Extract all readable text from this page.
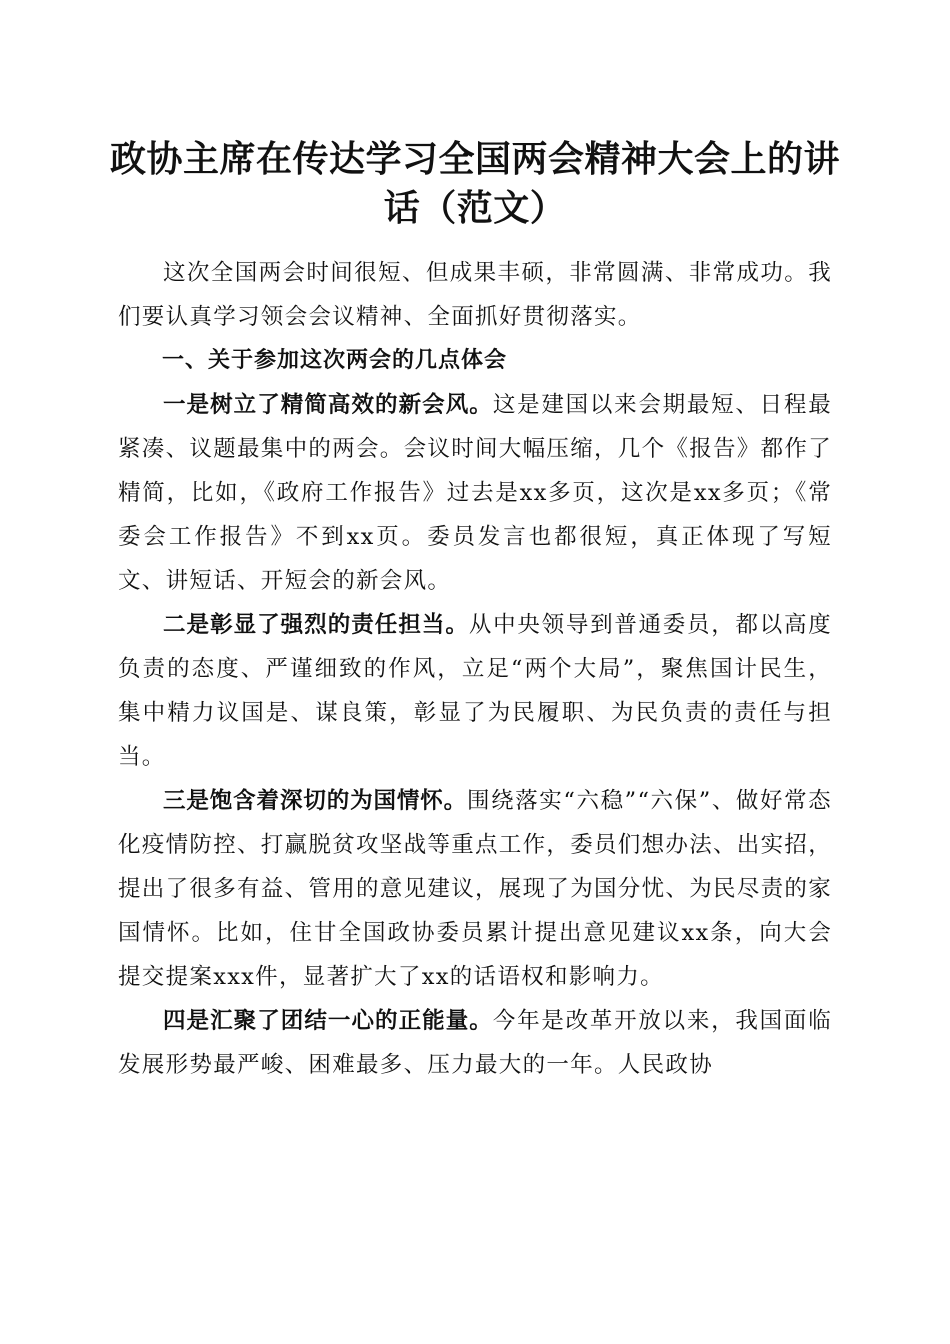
政协主席在传达学习全国两会精神大会上的讲
话（范文）

这次全国两会时间很短、但成果丰硕，非常圆满、非常成功。我们要认真学习领会会议精神、全面抓好贯彻落实。

一、关于参加这次两会的几点体会

一是树立了精简高效的新会风。这是建国以来会期最短、日程最紧凑、议题最集中的两会。会议时间大幅压缩，几个《报告》都作了精简，比如，《政府工作报告》过去是xx多页，这次是xx多页；《常委会工作报告》不到xx页。委员发言也都很短，真正体现了写短文、讲短话、开短会的新会风。

二是彰显了强烈的责任担当。从中央领导到普通委员，都以高度负责的态度、严谨细致的作风，立足“两个大局”，聚焦国计民生，集中精力议国是、谋良策，彰显了为民履职、为民负责的责任与担当。

三是饱含着深切的为国情怀。围绕落实“六稳”“六保”、做好常态化疫情防控、打赢脱贫攻坚战等重点工作，委员们想办法、出实招，提出了很多有益、管用的意见建议，展现了为国分忧、为民尽责的家国情怀。比如，住甘全国政协委员累计提出意见建议xx条，向大会提交提案xxx件，显著扩大了xx的话语权和影响力。

四是汇聚了团结一心的正能量。今年是改革开放以来，我国面临发展形势最严峻、困难最多、压力最大的一年。人民政协
